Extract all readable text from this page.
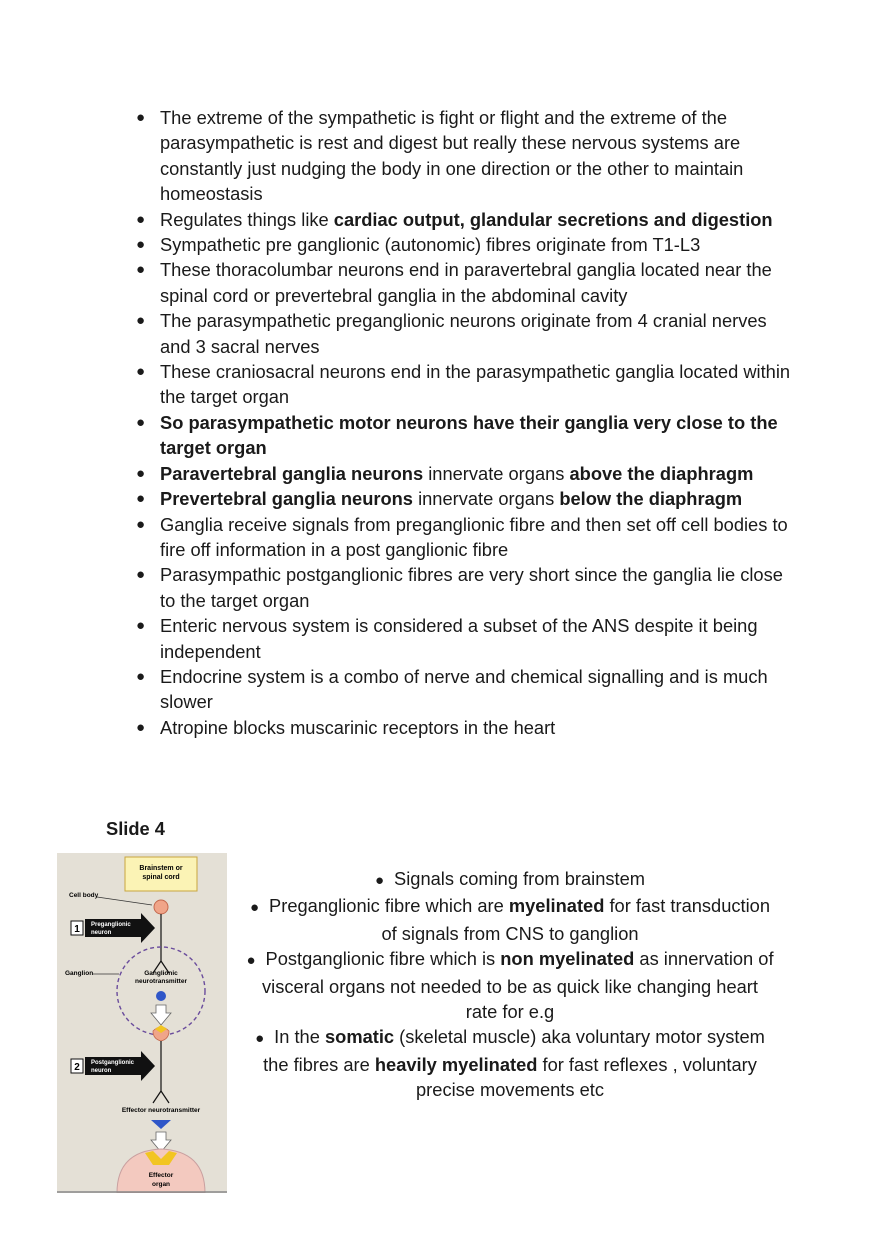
● The extreme of the sympathetic is fight or flight and the extreme of the parasympathetic is rest and digest but really these nervous systems are constantly just nudging the body in one direction or the other to maintain homeostasis
● Regulates things like cardiac output, glandular secretions and digestion
● Sympathetic pre ganglionic (autonomic) fibres originate from T1-L3
● These thoracolumbar neurons end in paravertebral ganglia located near the spinal cord or prevertebral ganglia in the abdominal cavity
● The parasympathetic preganglionic neurons originate from 4 cranial nerves and 3 sacral nerves
● These craniosacral neurons end in the parasympathetic ganglia located within the target organ
● So parasympathetic motor neurons have their ganglia very close to the target organ
● Paravertebral ganglia neurons innervate organs above the diaphragm
● Prevertebral ganglia neurons innervate organs below the diaphragm
● Ganglia receive signals from preganglionic fibre and then set off cell bodies to fire off information in a post ganglionic fibre
● Parasympathic postganglionic fibres are very short since the ganglia lie close to the target organ
● Enteric nervous system is considered a subset of the ANS despite it being independent
● Endocrine system is a combo of nerve and chemical signalling and is much slower
● Atropine blocks muscarinic receptors in the heart
Slide 4
Brainstem or
spinal cord
Cell body
1 Preganglionic
neuron
Ganglion	Ganglionic
neurotransmitter
2 Postganglionic
neuron
Effector neurotransmitter
Effector
organ

● Signals coming from brainstem

● Preganglionic fibre which are myelinated for fast transduction of signals from CNS to ganglion

● Postganglionic fibre which is non myelinated as innervation of visceral organs not needed to be as quick like changing heart rate for e.g

● In the somatic (skeletal muscle) aka voluntary motor system the fibres are heavily myelinated for fast reflexes , voluntary precise movements etc
